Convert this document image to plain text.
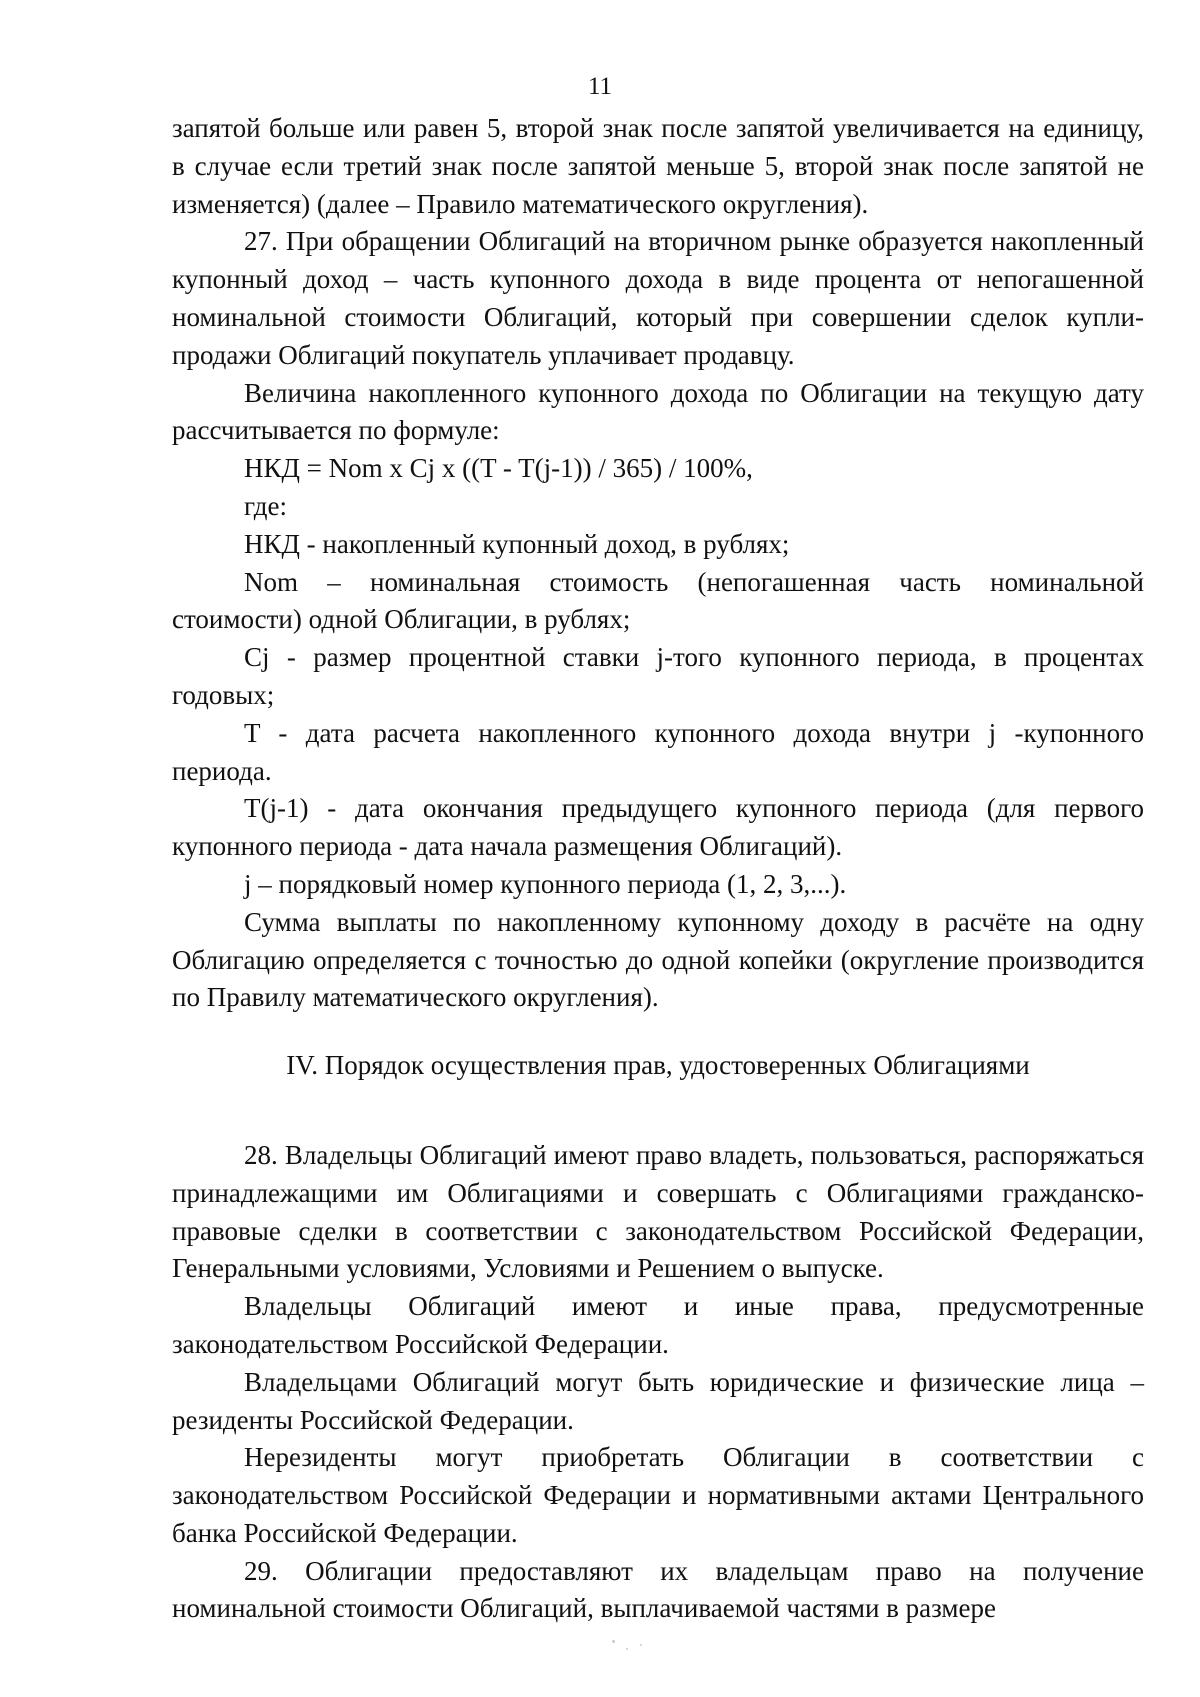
11

запятой больше или равен 5, второй знак после запятой увеличивается на единицу, в случае если третий знак после запятой меньше 5, второй знак после запятой не изменяется) (далее – Правило математического округления).

27. При обращении Облигаций на вторичном рынке образуется накопленный купонный доход – часть купонного дохода в виде процента от непогашенной номинальной стоимости Облигаций, который при совершении сделок купли-продажи Облигаций покупатель уплачивает продавцу.

Величина накопленного купонного дохода по Облигации на текущую дату рассчитывается по формуле:

НКД = Nom x Cj x ((T - T(j-1)) / 365) / 100%,

где:

НКД - накопленный купонный доход, в рублях;

Nom – номинальная стоимость (непогашенная часть номинальной стоимости) одной Облигации, в рублях;

Cj - размер процентной ставки j-того купонного периода, в процентах годовых;

T - дата расчета накопленного купонного дохода внутри j -купонного периода.

T(j-1) - дата окончания предыдущего купонного периода (для первого купонного периода - дата начала размещения Облигаций).

j – порядковый номер купонного периода (1, 2, 3,...).

Сумма выплаты по накопленному купонному доходу в расчёте на одну Облигацию определяется с точностью до одной копейки (округление производится по Правилу математического округления).

IV. Порядок осуществления прав, удостоверенных Облигациями

28. Владельцы Облигаций имеют право владеть, пользоваться, распоряжаться принадлежащими им Облигациями и совершать с Облигациями гражданско-правовые сделки в соответствии с законодательством Российской Федерации, Генеральными условиями, Условиями и Решением о выпуске.

Владельцы Облигаций имеют и иные права, предусмотренные законодательством Российской Федерации.

Владельцами Облигаций могут быть юридические и физические лица – резиденты Российской Федерации.

Нерезиденты могут приобретать Облигации в соответствии с законодательством Российской Федерации и нормативными актами Центрального банка Российской Федерации.

29. Облигации предоставляют их владельцам право на получение номинальной стоимости Облигаций, выплачиваемой частями в размере
